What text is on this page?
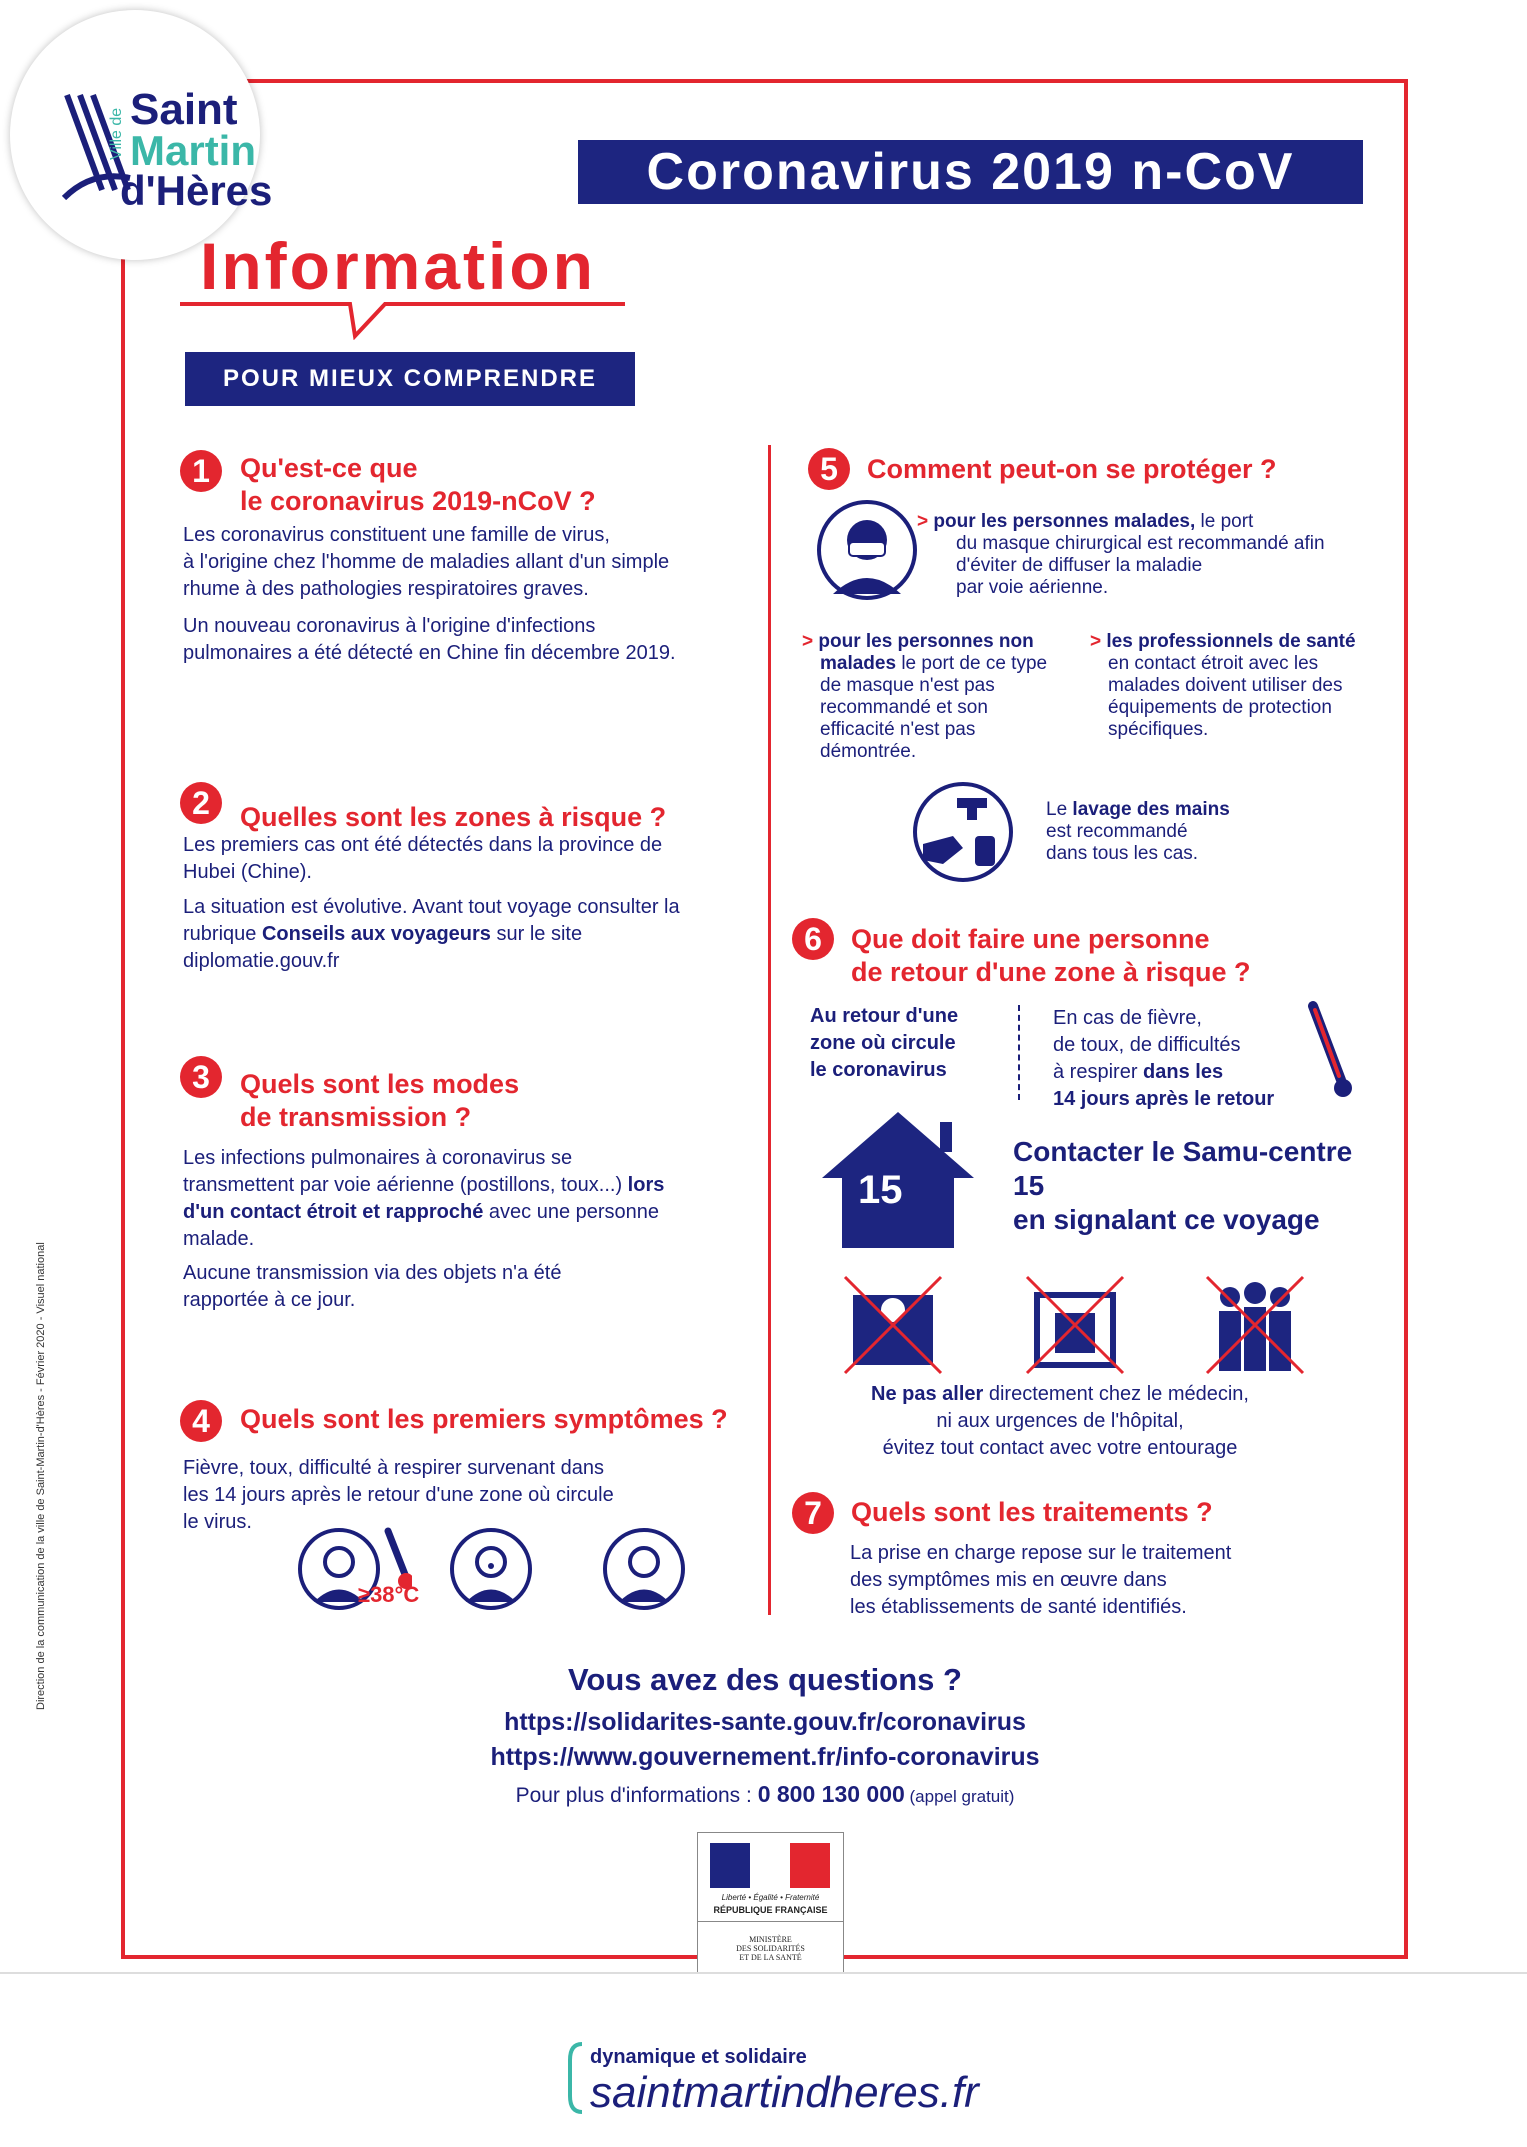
Ville de Saint
Martin
d'Hères	Coronavirus 2019 n-CoV
Information
POUR MIEUX COMPRENDRE
1	Qu'est-ce que
le coronavirus 2019-nCoV ?
Les coronavirus constituent une famille de virus,
à l'origine chez l'homme de maladies allant d'un simple
rhume à des pathologies respiratoires graves.
Un nouveau coronavirus à l'origine d'infections
pulmonaires a été détecté en Chine fin décembre 2019.
2	Quelles sont les zones à risque ?
Les premiers cas ont été détectés dans la province de
Hubei (Chine).
La situation est évolutive. Avant tout voyage consulter la
rubrique Conseils aux voyageurs sur le site
diplomatie.gouv.fr
3	Quels sont les modes
de transmission ?
Les infections pulmonaires à coronavirus se
transmettent par voie aérienne (postillons, toux...) lors
d'un contact étroit et rapproché avec une personne
malade.
Aucune transmission via des objets n'a été
rapportée à ce jour.
4	Quels sont les premiers symptômes ?
Fièvre, toux, difficulté à respirer survenant dans
les 14 jours après le retour d'une zone où circule
le virus.
≥38°C
5	Comment peut-on se protéger ?
> pour les personnes malades, le port
du masque chirurgical est recommandé afin
d'éviter de diffuser la maladie
par voie aérienne.
> pour les personnes non
malades le port de ce type
de masque n'est pas
recommandé et son
efficacité n'est pas
démontrée.
> les professionnels de santé
en contact étroit avec les
malades doivent utiliser des
équipements de protection
spécifiques.
Le lavage des mains
est recommandé
dans tous les cas.
6	Que doit faire une personne
de retour d'une zone à risque ?
Au retour d'une
zone où circule
le coronavirus
En cas de fièvre,
de toux, de difficultés
à respirer dans les
14 jours après le retour
15
Contacter le Samu-centre
15
en signalant ce voyage
Ne pas aller directement chez le médecin,
ni aux urgences de l'hôpital,
évitez tout contact avec votre entourage
7	Quels sont les traitements ?
La prise en charge repose sur le traitement
des symptômes mis en œuvre dans
les établissements de santé identifiés.
Vous avez des questions ?
https://solidarites-sante.gouv.fr/coronavirus
https://www.gouvernement.fr/info-coronavirus
Pour plus d'informations : 0 800 130 000 (appel gratuit)
Liberté • Égalité • Fraternité
RÉPUBLIQUE FRANÇAISE
MINISTÈRE
DES SOLIDARITÉS
ET DE LA SANTÉ
Direction de la communication de la ville de Saint-Martin-d'Hères - Février 2020 - Visuel national
dynamique et solidaire
saintmartindheres.fr
